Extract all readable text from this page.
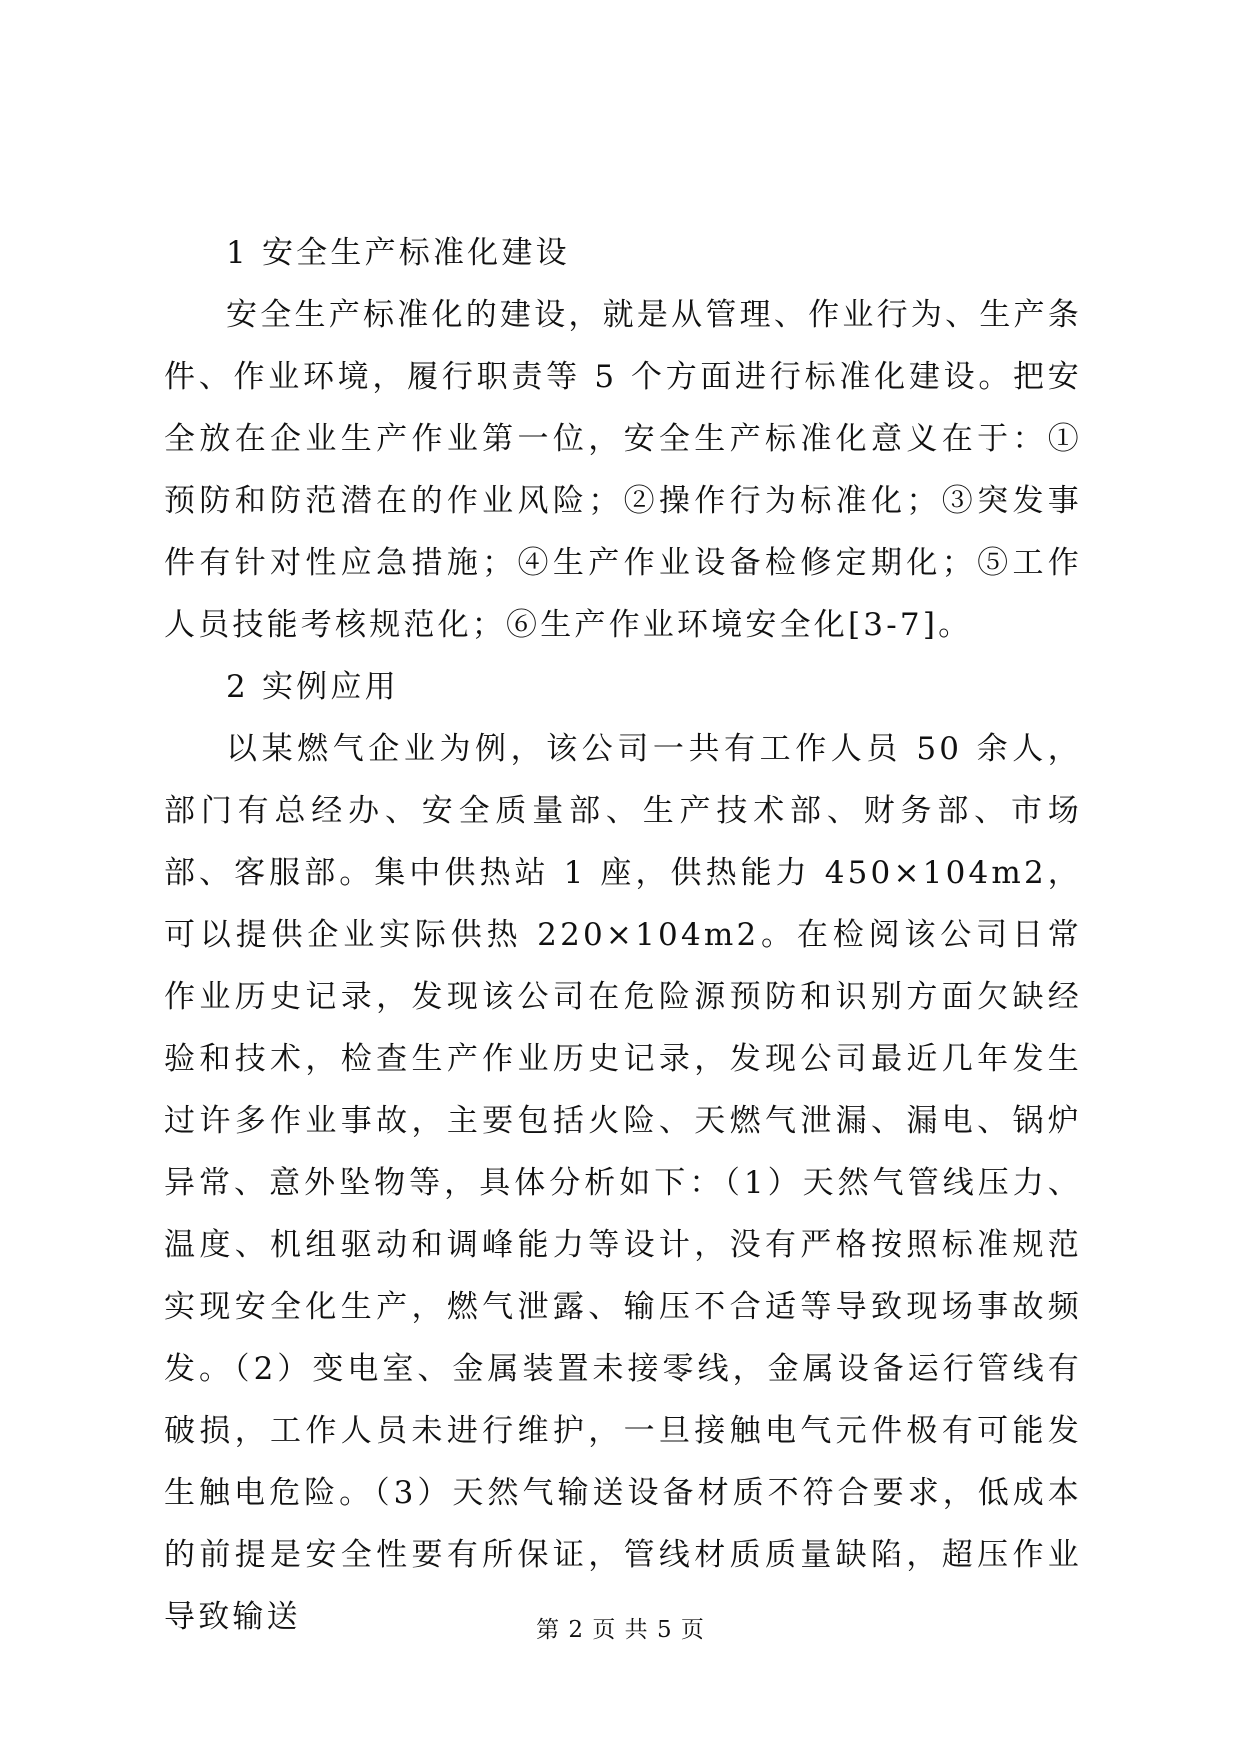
1 安全生产标准化建设

安全生产标准化的建设，就是从管理、作业行为、生产条件、作业环境，履行职责等 5 个方面进行标准化建设。把安全放在企业生产作业第一位，安全生产标准化意义在于：①预防和防范潜在的作业风险；②操作行为标准化；③突发事件有针对性应急措施；④生产作业设备检修定期化；⑤工作人员技能考核规范化；⑥生产作业环境安全化[3-7]。

2 实例应用

以某燃气企业为例，该公司一共有工作人员 50 余人，部门有总经办、安全质量部、生产技术部、财务部、市场部、客服部。集中供热站 1 座，供热能力 450×104m2，可以提供企业实际供热 220×104m2。在检阅该公司日常作业历史记录，发现该公司在危险源预防和识别方面欠缺经验和技术，检查生产作业历史记录，发现公司最近几年发生过许多作业事故，主要包括火险、天燃气泄漏、漏电、锅炉异常、意外坠物等，具体分析如下：（1）天然气管线压力、温度、机组驱动和调峰能力等设计，没有严格按照标准规范实现安全化生产，燃气泄露、输压不合适等导致现场事故频发。（2）变电室、金属装置未接零线，金属设备运行管线有破损，工作人员未进行维护，一旦接触电气元件极有可能发生触电危险。（3）天然气输送设备材质不符合要求，低成本的前提是安全性要有所保证，管线材质质量缺陷，超压作业导致输送	第 2 页 共 5 页
